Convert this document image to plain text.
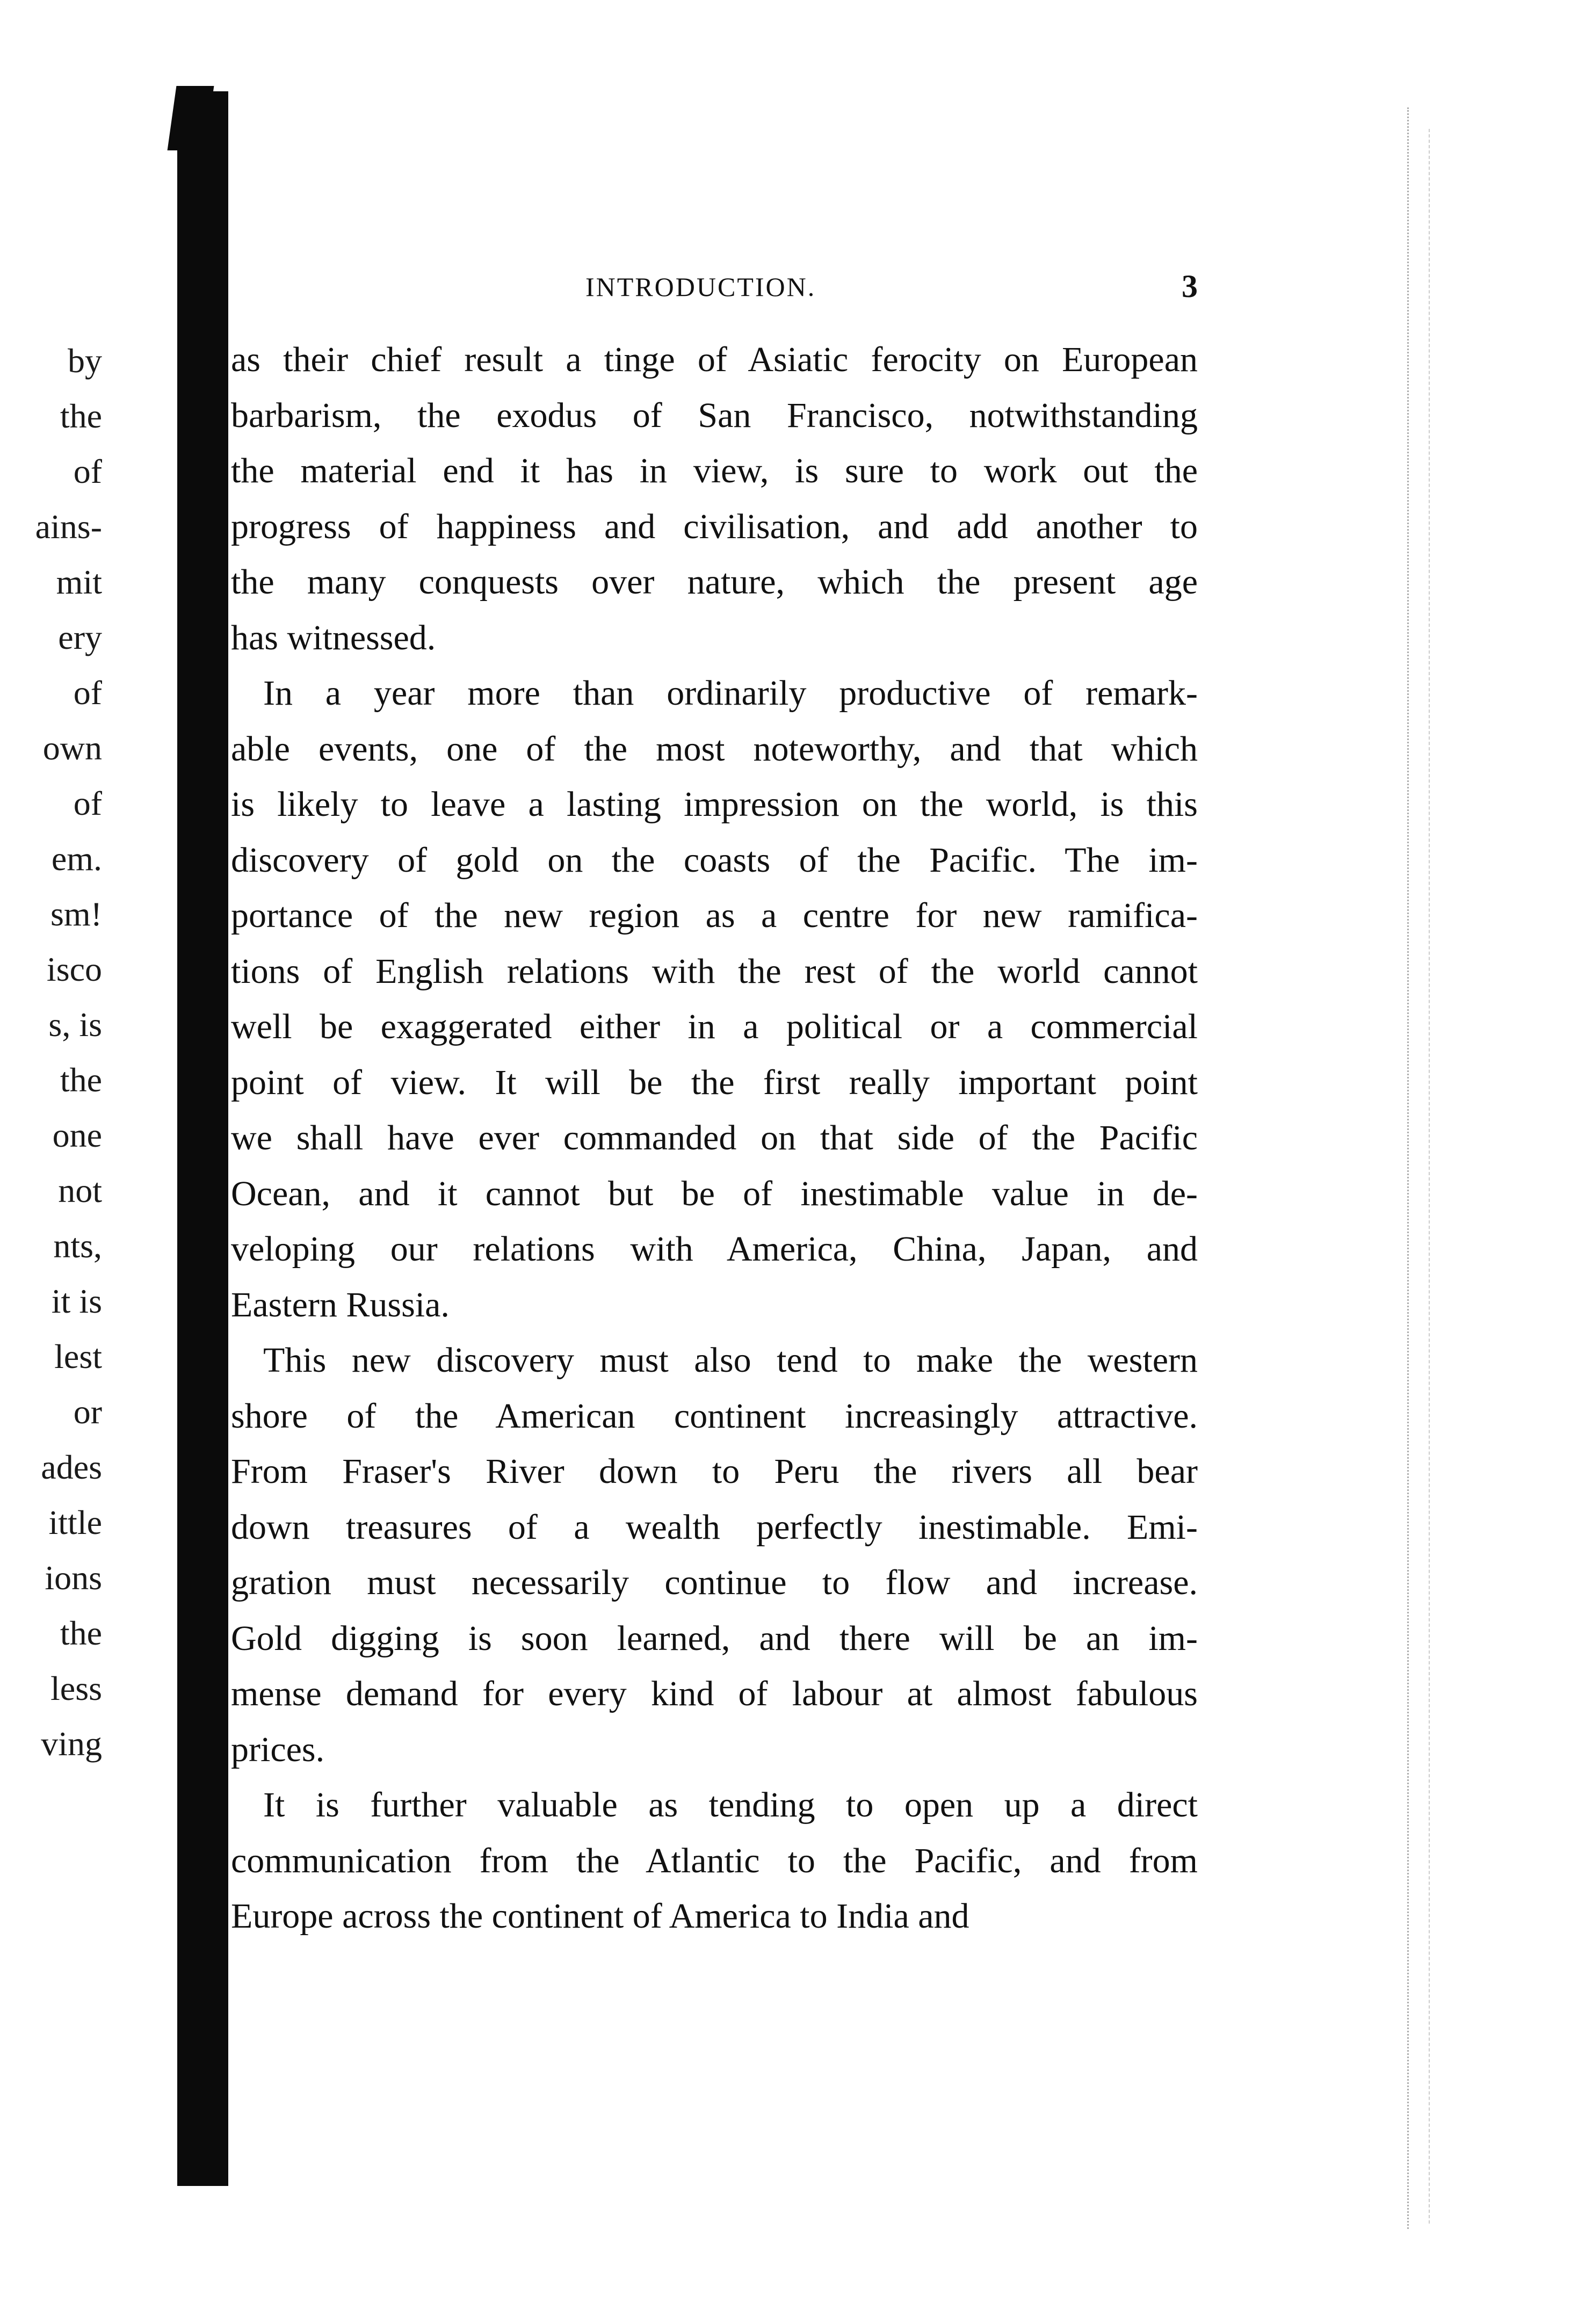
by
the
of
ains-
mit
ery
of
own
of
em.
sm!
isco
s, is
the
one
not
nts,
it is
lest
or
ades
ittle
ions
the
less
ving
INTRODUCTION.	3
as their chief result a tinge of Asiatic ferocity on European
barbarism, the exodus of San Francisco, notwithstanding
the material end it has in view, is sure to work out the
progress of happiness and civilisation, and add another to
the many conquests over nature, which the present age
has witnessed.
In a year more than ordinarily productive of remark-
able events, one of the most noteworthy, and that which
is likely to leave a lasting impression on the world, is this
discovery of gold on the coasts of the Pacific. The im-
portance of the new region as a centre for new ramifica-
tions of English relations with the rest of the world cannot
well be exaggerated either in a political or a commercial
point of view. It will be the first really important point
we shall have ever commanded on that side of the Pacific
Ocean, and it cannot but be of inestimable value in de-
veloping our relations with America, China, Japan, and
Eastern Russia.
This new discovery must also tend to make the western
shore of the American continent increasingly attractive.
From Fraser's River down to Peru the rivers all bear
down treasures of a wealth perfectly inestimable. Emi-
gration must necessarily continue to flow and increase.
Gold digging is soon learned, and there will be an im-
mense demand for every kind of labour at almost fabulous
prices.
It is further valuable as tending to open up a direct
communication from the Atlantic to the Pacific, and from
Europe across the continent of America to India and
